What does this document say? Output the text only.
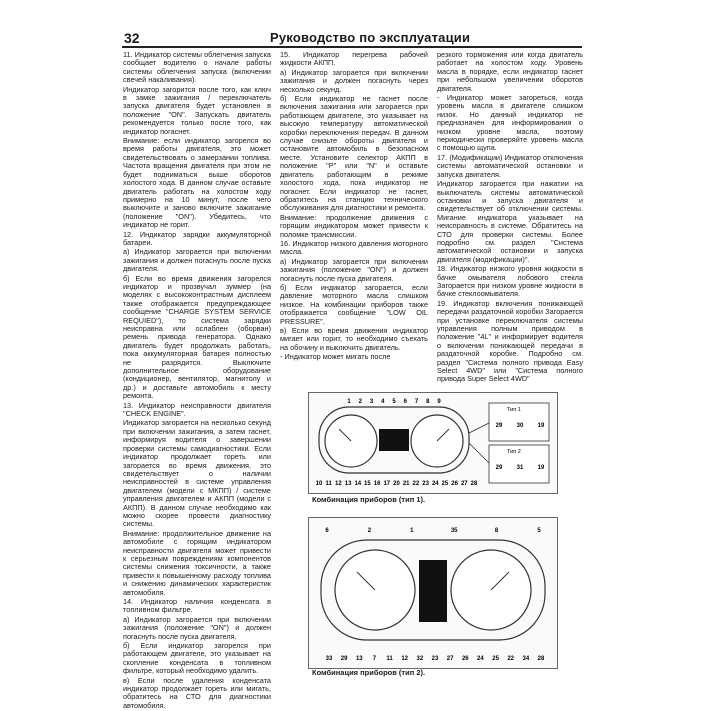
32	Руководство по эксплуатации

11. Индикатор системы облегчения запуска сообщает водителю о начале работы системы облегчения запуска (включении свечей накаливания).

Индикатор загорится после того, как ключ в замке зажигания / переключатель запуска двигателя будет установлен в положение "ON". Запускать двигатель рекомендуется только после того, как индикатор погаснет.

Внимание: если индикатор загорелся во время работы двигателя, это может свидетельствовать о замерзании топлива. Частота вращения двигателя при этом не будет подниматься выше оборотов холостого хода. В данном случае оставьте двигатель работать на холостом ходу примерно на 10 минут, после чего выключите и заново включите зажигание (положение "ON"). Убедитесь, что индикатор не горит.

12. Индикатор зарядки аккумуляторной батареи.

а) Индикатор загорается при включении зажигания и должен погаснуть после пуска двигателя.

б) Если во время движения загорелся индикатор и прозвучал зуммер (на моделях с высококонтрастным дисплеем также отображается предупреждающее сообщение "CHARGE SYSTEM SERVICE REQUIED"), то система зарядки неисправна или ослаблен (оборван) ремень привода генератора. Однако двигатель будет продолжать работать, пока аккумуляторная батарея полностью не разрядится. Выключите дополнительное оборудование (кондиционер, вентилятор, магнитолу и др.) и доставьте автомобиль к месту ремонта.

13. Индикатор неисправности двигателя "CHECK ENGINE".

Индикатор загорается на несколько секунд при включении зажигания, а затем гаснет, информируя водителя о завершении проверки системы самодиагностики. Если индикатор продолжает гореть или загорается во время движения, это свидетельствует о наличии неисправностей в системе управления двигателем (модели с МКПП) / системе управления двигателем и АКПП (модели с АКПП). В данном случае необходимо как можно скорее провести диагностику системы.

Внимание: продолжительное движение на автомобиле с горящим индикатором неисправности двигателя может привести к серьезным повреждениям компонентов системы снижения токсичности, а также привести к повышенному расходу топлива и снижению динамических характеристик автомобиля.

14. Индикатор наличия конденсата в топливном фильтре.

а) Индикатор загорается при включении зажигания (положение "ON") и должен погаснуть после пуска двигателя.

б) Если индикатор загорелся при работающем двигателе, это указывает на скопление конденсата в топливном фильтре, который необходимо удалить.

в) Если после удаления конденсата индикатор продолжает гореть или мигать, обратитесь на СТО для диагностики автомобиля.

15. Индикатор перегрева рабочей жидкости АКПП.

а) Индикатор загорается при включении зажигания и должен погаснуть через несколько секунд.

б) Если индикатор не гаснет после включения зажигания или загорается при работающем двигателе, это указывает на высокую температуру автоматической коробки переключения передач. В данном случае снизьте обороты двигателя и остановите автомобиль в безопасном месте. Установите селектор АКПП в положение "P" или "N" и оставьте двигатель работающим в режиме холостого хода, пока индикатор не погаснет. Если индикатор не гаснет, обратитесь на станцию технического обслуживания для диагностики и ремонта.

Внимание: продолжение движения с горящим индикатором может привести к поломке трансмиссии.

16. Индикатор низкого давления моторного масла.

а) Индикатор загорается при включении зажигания (положение "ON") и должен погаснуть после пуска двигателя.

б) Если индикатор загорается, если давление моторного масла слишком низкое. На комбинации приборов также отображается сообщение "LOW OIL PRESSURE".

в) Если во время движения индикатор мигает или горит, то необходимо съехать на обочину и выключить двигатель.

- Индикатор может мигать после

резкого торможения или когда двигатель работает на холостом ходу. Уровень масла в порядке, если индикатор гаснет при небольшом увеличении оборотов двигателя.

- Индикатор может загореться, когда уровень масла в двигателе слишком низок. Но данный индикатор не предназначен для информирования о низком уровне масла, поэтому периодически проверяйте уровень масла с помощью щупа.

17. (Модификации) Индикатор отключения системы автоматической остановки и запуска двигателя.

Индикатор загорается при нажатии на выключатель системы автоматической остановки и запуска двигателя и свидетельствует об отключении системы. Мигание индикатора указывает на неисправность в системе. Обратитесь на СТО для проверки системы. Более подробно см. раздел "Система автоматической остановки и запуска двигателя (модификации)".

18. Индикатор низкого уровня жидкости в бачке омывателя лобового стекла Загорается при низком уровне жидкости в бачке стеклоомывателя.

19. Индикатор включения понижающей передачи раздаточной коробки Загорается при установке переключателя системы управления полным приводом в положение "4L" и информирует водителя о включении понижающей передачи в раздаточной коробке. Подробно см. раздел "Система полного привода Easy Select 4WD" или "Система полного привода Super Select 4WD"

1 2 3 4 5 6 7 8 9
10 11 12 13 14 15 16 17 20 21 22 23 24 25 26 27 28
Тип 1
Тип 2
29 30 19
29 31 19
Комбинация приборов (тип 1).
6	2	1	35	8	5
33 29 13 7 11 12 32 23 27 26 24 25 22 34 28
Комбинация приборов (тип 2).
